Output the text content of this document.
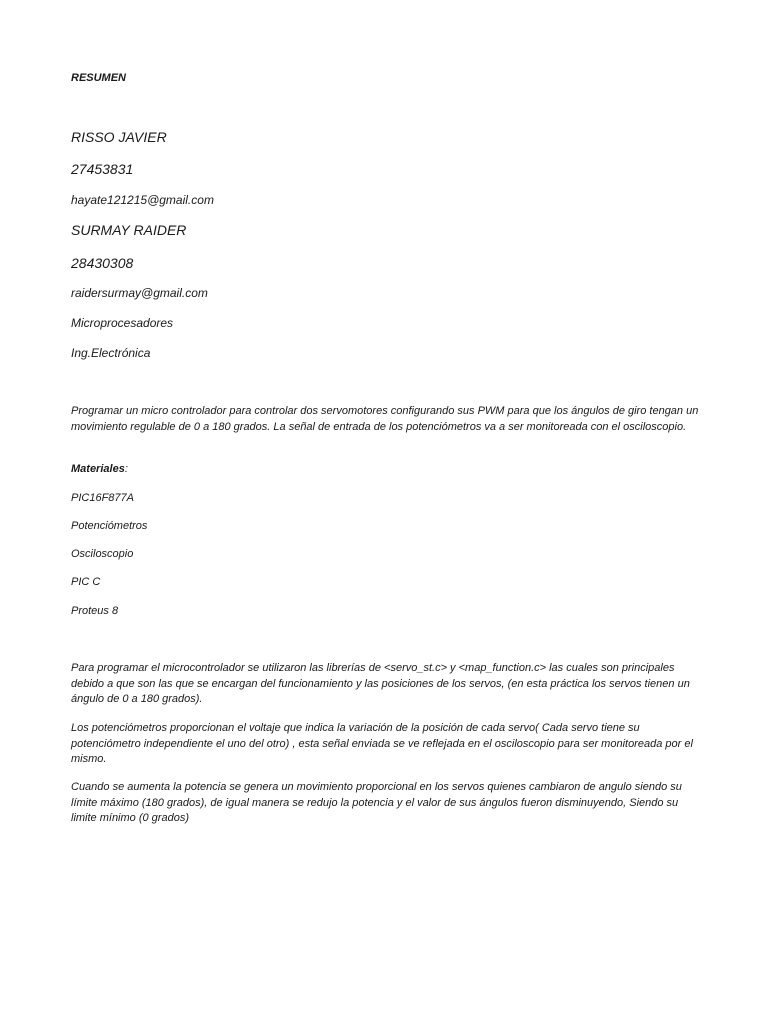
RESUMEN

RISSO JAVIER

27453831

hayate121215@gmail.com

SURMAY RAIDER

28430308

raidersurmay@gmail.com

Microprocesadores

Ing.Electrónica

Programar un micro controlador para controlar dos servomotores configurando sus PWM para que los ángulos de giro tengan un movimiento regulable de 0 a 180 grados. La señal de entrada de los potenciómetros va a ser monitoreada con el osciloscopio.

Materiales:

PIC16F877A

Potenciómetros

Osciloscopio

PIC C

Proteus 8

Para programar el microcontrolador se utilizaron las librerías de <servo_st.c> y <map_function.c> las cuales son principales debido a que son las que se encargan del funcionamiento y las posiciones de los servos, (en esta práctica los servos tienen un ángulo de 0 a 180 grados).

Los potenciómetros proporcionan el voltaje que indica la variación de la posición de cada servo( Cada servo tiene su potenciómetro independiente el uno del otro) , esta señal enviada se ve reflejada en el osciloscopio para ser monitoreada por el mismo.

Cuando se aumenta la potencia se genera un movimiento proporcional en los servos quienes cambiaron de angulo siendo su límite máximo (180 grados), de igual manera se redujo la potencia y el valor de sus ángulos fueron disminuyendo, Siendo su limite mínimo (0 grados)
